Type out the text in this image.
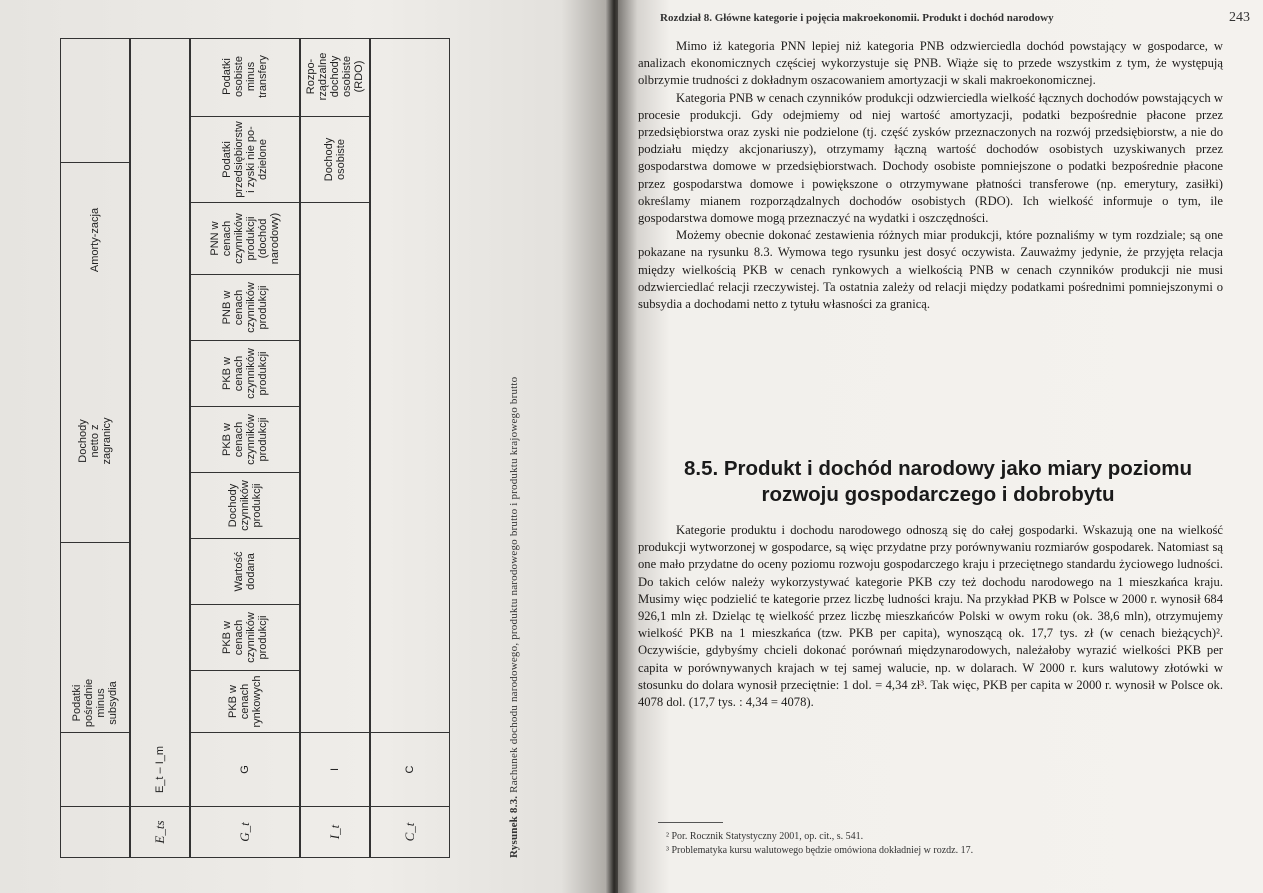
E_ts
E_t – I_m
G_t
G
PKB w cenach rynkowych
PKB w cenach czynników produkcji
Wartość dodana
Dochody czynników produkcji
PKB w cenach czynników produkcji
PKB w cenach czynników produkcji
PNB w cenach czynników produkcji
PNN w cenach czynników produkcji (dochód narodowy)
Podatki przedsiębiorstw i zyski nie po-dzielone
Podatki osobiste minus transfery
I_t
I
Dochody osobiste
Rozpo-rządzalne dochody osobiste (RDO)
C_t
C
Podatki pośrednie minus subsydia
Dochody netto z zagranicy
Amorty-zacja
Rysunek 8.3. Rachunek dochodu narodowego, produktu narodowego brutto i produktu krajowego brutto
Rozdział 8. Główne kategorie i pojęcia makroekonomii. Produkt i dochód narodowy	243

Mimo iż kategoria PNN lepiej niż kategoria PNB odzwierciedla dochód powstający w gospodarce, w analizach ekonomicznych częściej wykorzystuje się PNB. Wiąże się to przede wszystkim z tym, że występują olbrzymie trudności z dokładnym oszacowaniem amortyzacji w skali makroekonomicznej.

Kategoria PNB w cenach czynników produkcji odzwierciedla wielkość łącznych dochodów powstających w procesie produkcji. Gdy odejmiemy od niej wartość amortyzacji, podatki bezpośrednie płacone przez przedsiębiorstwa oraz zyski nie podzielone (tj. część zysków przeznaczonych na rozwój przedsiębiorstw, a nie do podziału między akcjonariuszy), otrzymamy łączną wartość dochodów osobistych uzyskiwanych przez gospodarstwa domowe w przedsiębiorstwach. Dochody osobiste pomniejszone o podatki bezpośrednie płacone przez gospodarstwa domowe i powiększone o otrzymywane płatności transferowe (np. emerytury, zasiłki) określamy mianem rozporządzalnych dochodów osobistych (RDO). Ich wielkość informuje o tym, ile gospodarstwa domowe mogą przeznaczyć na wydatki i oszczędności.

Możemy obecnie dokonać zestawienia różnych miar produkcji, które poznaliśmy w tym rozdziale; są one pokazane na rysunku 8.3. Wymowa tego rysunku jest dosyć oczywista. Zauważmy jedynie, że przyjęta relacja między wielkością PKB w cenach rynkowych a wielkością PNB w cenach czynników produkcji nie musi odzwierciedlać relacji rzeczywistej. Ta ostatnia zależy od relacji między podatkami pośrednimi pomniejszonymi o subsydia a dochodami netto z tytułu własności za granicą.

8.5. Produkt i dochód narodowy jako miary poziomu rozwoju gospodarczego i dobrobytu

Kategorie produktu i dochodu narodowego odnoszą się do całej gospodarki. Wskazują one na wielkość produkcji wytworzonej w gospodarce, są więc przydatne przy porównywaniu rozmiarów gospodarek. Natomiast są one mało przydatne do oceny poziomu rozwoju gospodarczego kraju i przeciętnego standardu życiowego ludności. Do takich celów należy wykorzystywać kategorie PKB czy też dochodu narodowego na 1 mieszkańca kraju. Musimy więc podzielić te kategorie przez liczbę ludności kraju. Na przykład PKB w Polsce w 2000 r. wynosił 684 926,1 mln zł. Dzieląc tę wielkość przez liczbę mieszkańców Polski w owym roku (ok. 38,6 mln), otrzymujemy wielkość PKB na 1 mieszkańca (tzw. PKB per capita), wynoszącą ok. 17,7 tys. zł (w cenach bieżących)². Oczywiście, gdybyśmy chcieli dokonać porównań międzynarodowych, należałoby wyrazić wielkości PKB per capita w porównywanych krajach w tej samej walucie, np. w dolarach. W 2000 r. kurs walutowy złotówki w stosunku do dolara wynosił przeciętnie: 1 dol. = 4,34 zł³. Tak więc, PKB per capita w 2000 r. wynosił w Polsce ok. 4078 dol. (17,7 tys. : 4,34 = 4078).

² Por. Rocznik Statystyczny 2001, op. cit., s. 541.
³ Problematyka kursu walutowego będzie omówiona dokładniej w rozdz. 17.
